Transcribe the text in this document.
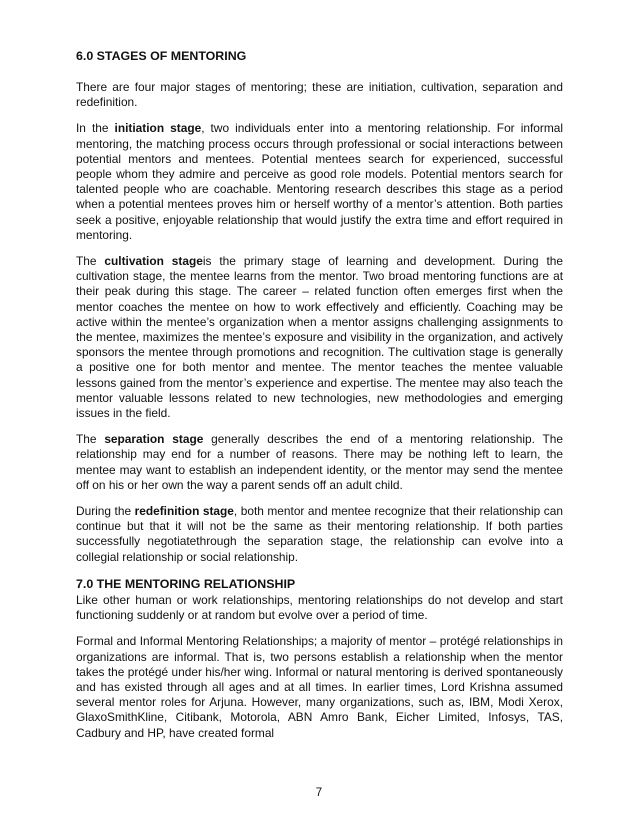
6.0 STAGES OF MENTORING

There are four major stages of mentoring; these are initiation, cultivation, separation and redefinition.

In the initiation stage, two individuals enter into a mentoring relationship. For informal mentoring, the matching process occurs through professional or social interactions between potential mentors and mentees. Potential mentees search for experienced, successful people whom they admire and perceive as good role models. Potential mentors search for talented people who are coachable. Mentoring research describes this stage as a period when a potential mentees proves him or herself worthy of a mentor’s attention. Both parties seek a positive, enjoyable relationship that would justify the extra time and effort required in mentoring.

The cultivation stageis the primary stage of learning and development. During the cultivation stage, the mentee learns from the mentor. Two broad mentoring functions are at their peak during this stage. The career – related function often emerges first when the mentor coaches the mentee on how to work effectively and efficiently. Coaching may be active within the mentee’s organization when a mentor assigns challenging assignments to the mentee, maximizes the mentee’s exposure and visibility in the organization, and actively sponsors the mentee through promotions and recognition. The cultivation stage is generally a positive one for both mentor and mentee. The mentor teaches the mentee valuable lessons gained from the mentor’s experience and expertise. The mentee may also teach the mentor valuable lessons related to new technologies, new methodologies and emerging issues in the field.

The separation stage generally describes the end of a mentoring relationship. The relationship may end for a number of reasons. There may be nothing left to learn, the mentee may want to establish an independent identity, or the mentor may send the mentee off on his or her own the way a parent sends off an adult child.

During the redefinition stage, both mentor and mentee recognize that their relationship can continue but that it will not be the same as their mentoring relationship. If both parties successfully negotiatethrough the separation stage, the relationship can evolve into a collegial relationship or social relationship.

7.0 THE MENTORING RELATIONSHIP

Like other human or work relationships, mentoring relationships do not develop and start functioning suddenly or at random but evolve over a period of time.

Formal and Informal Mentoring Relationships; a majority of mentor – protégé relationships in organizations are informal. That is, two persons establish a relationship when the mentor takes the protégé under his/her wing. Informal or natural mentoring is derived spontaneously and has existed through all ages and at all times. In earlier times, Lord Krishna assumed several mentor roles for Arjuna. However, many organizations, such as, IBM, Modi Xerox, GlaxoSmithKline, Citibank, Motorola, ABN Amro Bank, Eicher Limited, Infosys, TAS, Cadbury and HP, have created formal

7
